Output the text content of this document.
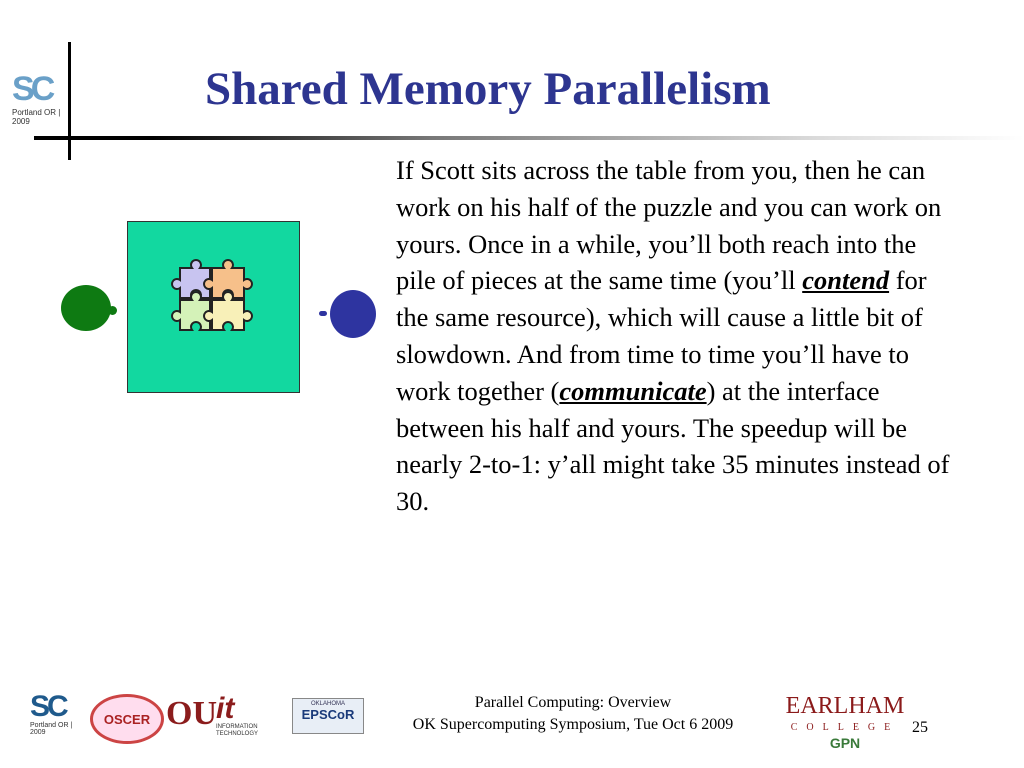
SC
Portland OR | 2009
Shared Memory Parallelism

If Scott sits across the table from you, then he can work on his half of the puzzle and you can work on yours. Once in a while, you’ll both reach into the pile of pieces at the same time (you’ll contend for the same resource), which will cause a little bit of slowdown. And from time to time you’ll have to work together (communicate) at the interface between his half and yours. The speedup will be nearly 2-to-1: y’all might take 35 minutes instead of 30.

SC
Portland OR | 2009
OSCER OU it
INFORMATION TECHNOLOGY
OKLAHOMA
EPSCoR
Parallel Computing: Overview
OK Supercomputing Symposium, Tue Oct 6 2009
EARLHAM
COLLEGE
GPN
25
